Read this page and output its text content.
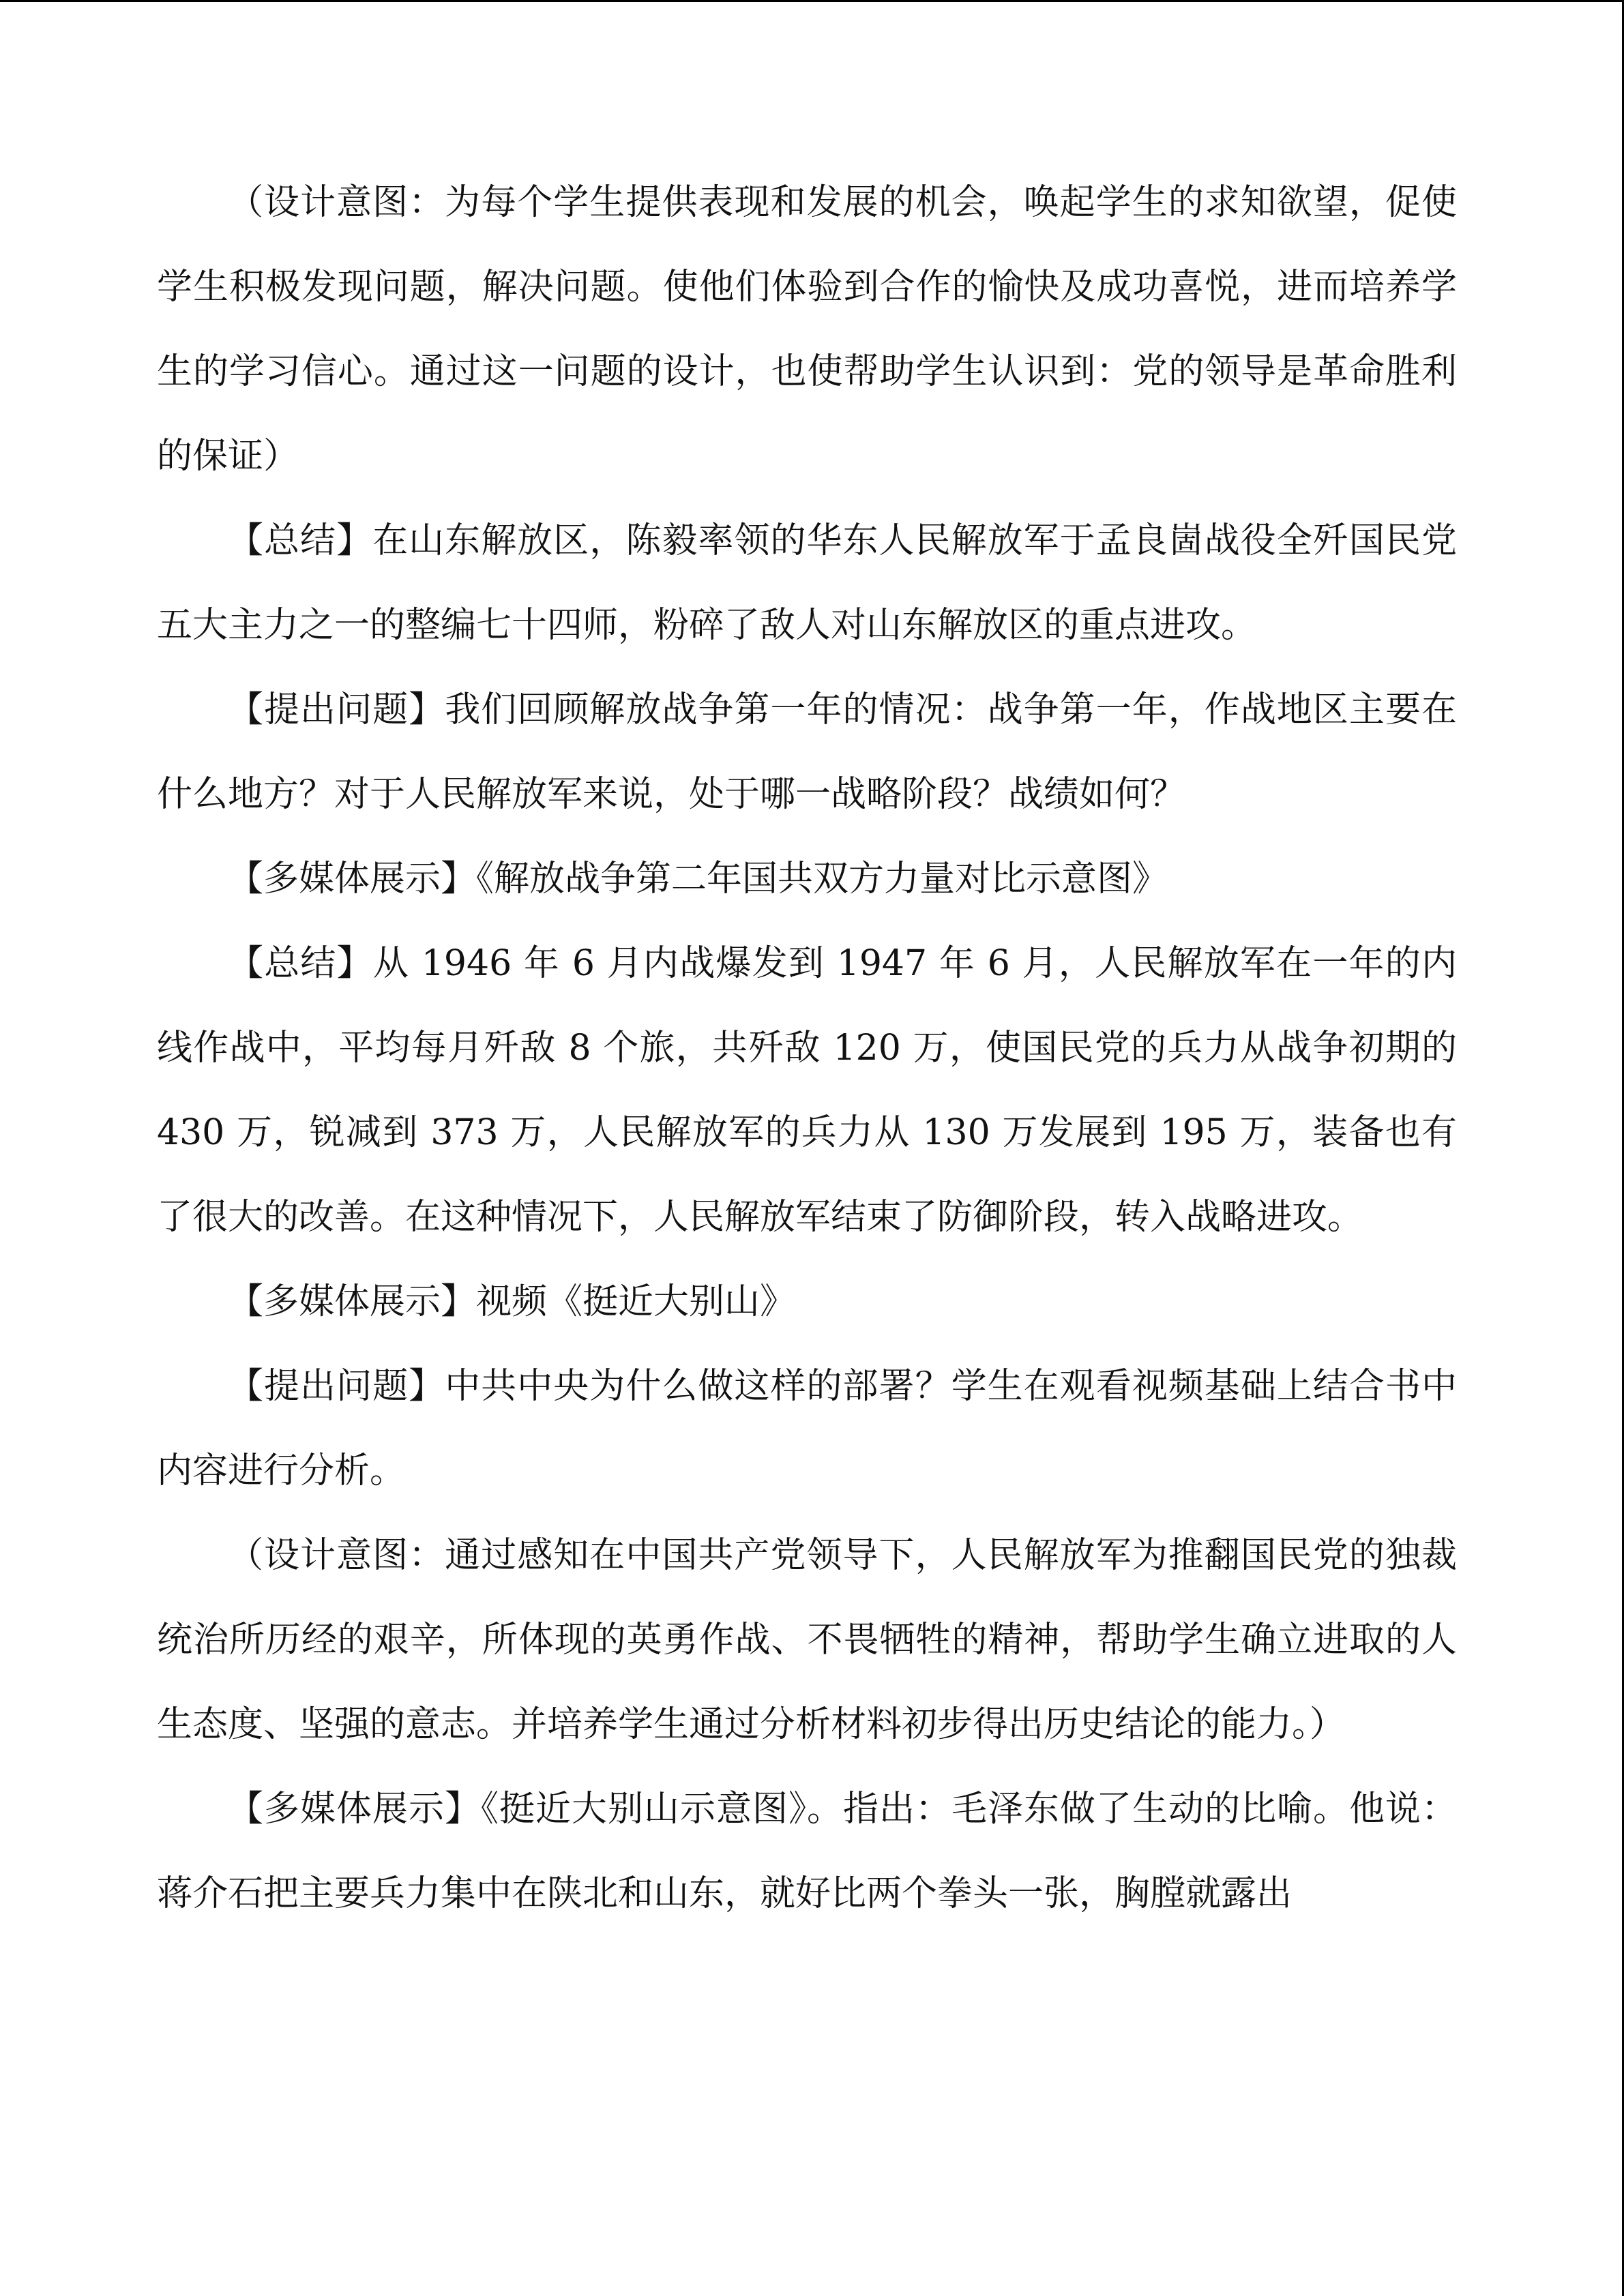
（设计意图：为每个学生提供表现和发展的机会，唤起学生的求知欲望，促使学生积极发现问题，解决问题。使他们体验到合作的愉快及成功喜悦，进而培养学生的学习信心。通过这一问题的设计，也使帮助学生认识到：党的领导是革命胜利的保证）

【总结】在山东解放区，陈毅率领的华东人民解放军于孟良崮战役全歼国民党五大主力之一的整编七十四师，粉碎了敌人对山东解放区的重点进攻。

【提出问题】我们回顾解放战争第一年的情况：战争第一年，作战地区主要在什么地方？对于人民解放军来说，处于哪一战略阶段？战绩如何？

【多媒体展示】《解放战争第二年国共双方力量对比示意图》

【总结】从 1946 年 6 月内战爆发到 1947 年 6 月，人民解放军在一年的内线作战中，平均每月歼敌 8 个旅，共歼敌 120 万，使国民党的兵力从战争初期的 430 万，锐减到 373 万，人民解放军的兵力从 130 万发展到 195 万，装备也有了很大的改善。在这种情况下，人民解放军结束了防御阶段，转入战略进攻。

【多媒体展示】视频《挺近大别山》

【提出问题】中共中央为什么做这样的部署？学生在观看视频基础上结合书中内容进行分析。

（设计意图：通过感知在中国共产党领导下，人民解放军为推翻国民党的独裁统治所历经的艰辛，所体现的英勇作战、不畏牺牲的精神，帮助学生确立进取的人生态度、坚强的意志。并培养学生通过分析材料初步得出历史结论的能力。）

【多媒体展示】《挺近大别山示意图》。指出：毛泽东做了生动的比喻。他说：蒋介石把主要兵力集中在陕北和山东，就好比两个拳头一张，胸膛就露出
